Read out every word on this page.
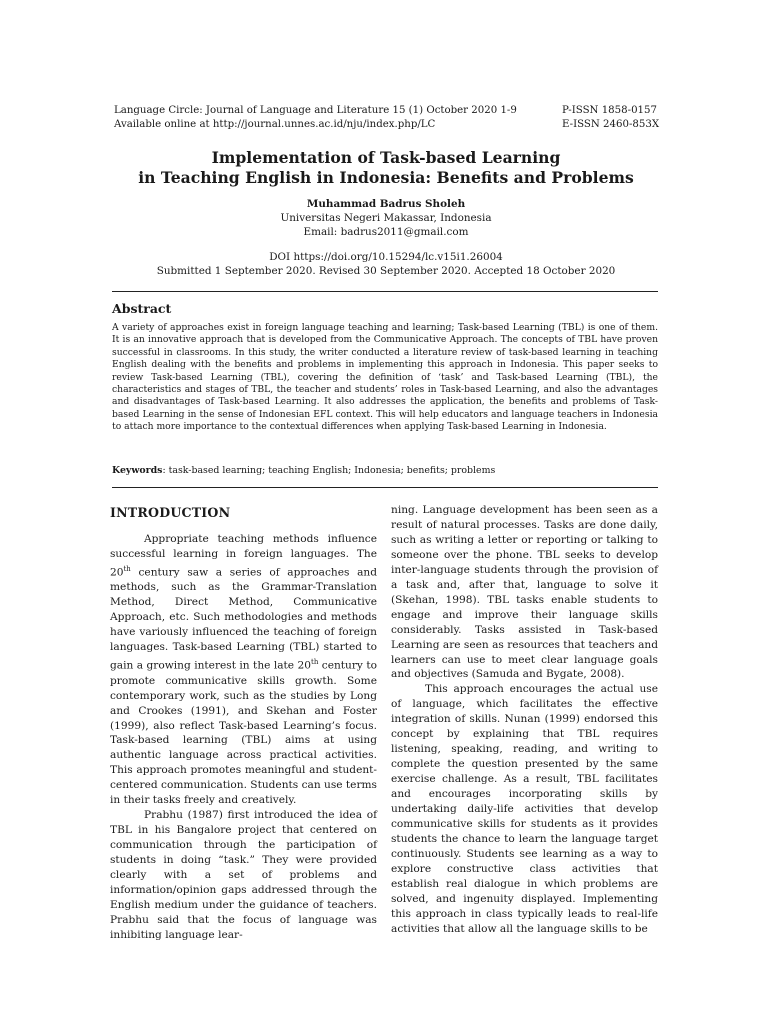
Language Circle: Journal of Language and Literature 15 (1) October 2020 1-9
Available online at http://journal.unnes.ac.id/nju/index.php/LC
P-ISSN 1858-0157
E-ISSN 2460-853X
Implementation of Task-based Learning
in Teaching English in Indonesia: Benefits and Problems
Muhammad Badrus Sholeh
Universitas Negeri Makassar, Indonesia
Email: badrus2011@gmail.com
DOI https://doi.org/10.15294/lc.v15i1.26004
Submitted 1 September 2020. Revised 30 September 2020. Accepted 18 October 2020
Abstract
A variety of approaches exist in foreign language teaching and learning; Task-based Learning (TBL) is one of them. It is an innovative approach that is developed from the Communicative Approach. The concepts of TBL have proven successful in classrooms. In this study, the writer conducted a literature review of task-based learning in teaching English dealing with the benefits and problems in implementing this approach in Indonesia. This paper seeks to review Task-based Learning (TBL), covering the definition of ‘task’ and Task-based Learning (TBL), the characteristics and stages of TBL, the teacher and students’ roles in Task-based Learning, and also the advantages and disadvantages of Task-based Learning. It also addresses the application, the benefits and problems of Task-based Learning in the sense of Indonesian EFL context. This will help educators and language teachers in Indonesia to attach more importance to the contextual differences when applying Task-based Learning in Indonesia.
Keywords: task-based learning; teaching English; Indonesia; benefits; problems
INTRODUCTION

Appropriate teaching methods influence successful learning in foreign languages. The 20th century saw a series of approaches and methods, such as the Grammar-Translation Method, Direct Method, Communicative Approach, etc. Such methodologies and methods have variously influenced the teaching of foreign languages. Task-based Learning (TBL) started to gain a growing interest in the late 20th century to promote communicative skills growth. Some contemporary work, such as the studies by Long and Crookes (1991), and Skehan and Foster (1999), also reflect Task-based Learning’s focus. Task-based learning (TBL) aims at using authentic language across practical activities. This approach promotes meaningful and student-centered communication. Students can use terms in their tasks freely and creatively.

Prabhu (1987) first introduced the idea of TBL in his Bangalore project that centered on communication through the participation of students in doing “task.” They were provided clearly with a set of problems and information/opinion gaps addressed through the English medium under the guidance of teachers. Prabhu said that the focus of language was inhibiting language lear-

ning. Language development has been seen as a result of natural processes. Tasks are done daily, such as writing a letter or reporting or talking to someone over the phone. TBL seeks to develop inter-language students through the provision of a task and, after that, language to solve it (Skehan, 1998). TBL tasks enable students to engage and improve their language skills considerably. Tasks assisted in Task-based Learning are seen as resources that teachers and learners can use to meet clear language goals and objectives (Samuda and Bygate, 2008).

This approach encourages the actual use of language, which facilitates the effective integration of skills. Nunan (1999) endorsed this concept by explaining that TBL requires listening, speaking, reading, and writing to complete the question presented by the same exercise challenge. As a result, TBL facilitates and encourages incorporating skills by undertaking daily-life activities that develop communicative skills for students as it provides students the chance to learn the language target continuously. Students see learning as a way to explore constructive class activities that establish real dialogue in which problems are solved, and ingenuity displayed. Implementing this approach in class typically leads to real-life activities that allow all the language skills to be
